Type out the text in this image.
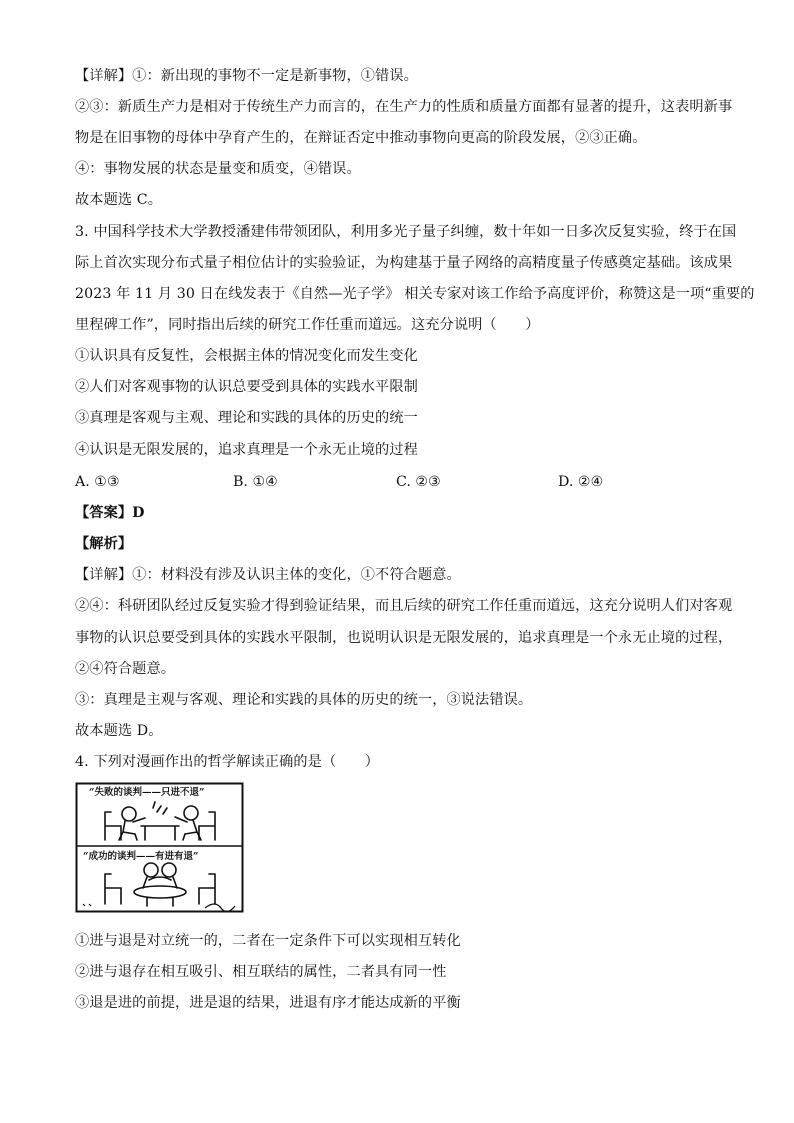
【详解】①：新出现的事物不一定是新事物，①错误。
②③：新质生产力是相对于传统生产力而言的，在生产力的性质和质量方面都有显著的提升，这表明新事
物是在旧事物的母体中孕育产生的，在辩证否定中推动事物向更高的阶段发展，②③正确。
④：事物发展的状态是量变和质变，④错误。
故本题选 C。
3. 中国科学技术大学教授潘建伟带领团队，利用多光子量子纠缠，数十年如一日多次反复实验，终于在国
际上首次实现分布式量子相位估计的实验验证，为构建基于量子网络的高精度量子传感奠定基础。该成果
2023 年 11 月 30 日在线发表于《自然—光子学》 相关专家对该工作给予高度评价，称赞这是一项“重要的
里程碑工作”，同时指出后续的研究工作任重而道远。这充分说明（　　）
①认识具有反复性，会根据主体的情况变化而发生变化
②人们对客观事物的认识总要受到具体的实践水平限制
③真理是客观与主观、理论和实践的具体的历史的统一
④认识是无限发展的，追求真理是一个永无止境的过程
A. ①③	B. ①④	C. ②③	D. ②④
【答案】D
【解析】
【详解】①：材料没有涉及认识主体的变化，①不符合题意。
②④：科研团队经过反复实验才得到验证结果，而且后续的研究工作任重而道远，这充分说明人们对客观
事物的认识总要受到具体的实践水平限制，也说明认识是无限发展的，追求真理是一个永无止境的过程，
②④符合题意。
③：真理是主观与客观、理论和实践的具体的历史的统一，③说法错误。
故本题选 D。
4. 下列对漫画作出的哲学解读正确的是（　　）
“失败的谈判——只进不退”
“成功的谈判——有进有退”
①进与退是对立统一的，二者在一定条件下可以实现相互转化
②进与退存在相互吸引、相互联结的属性，二者具有同一性
③退是进的前提，进是退的结果，进退有序才能达成新的平衡
